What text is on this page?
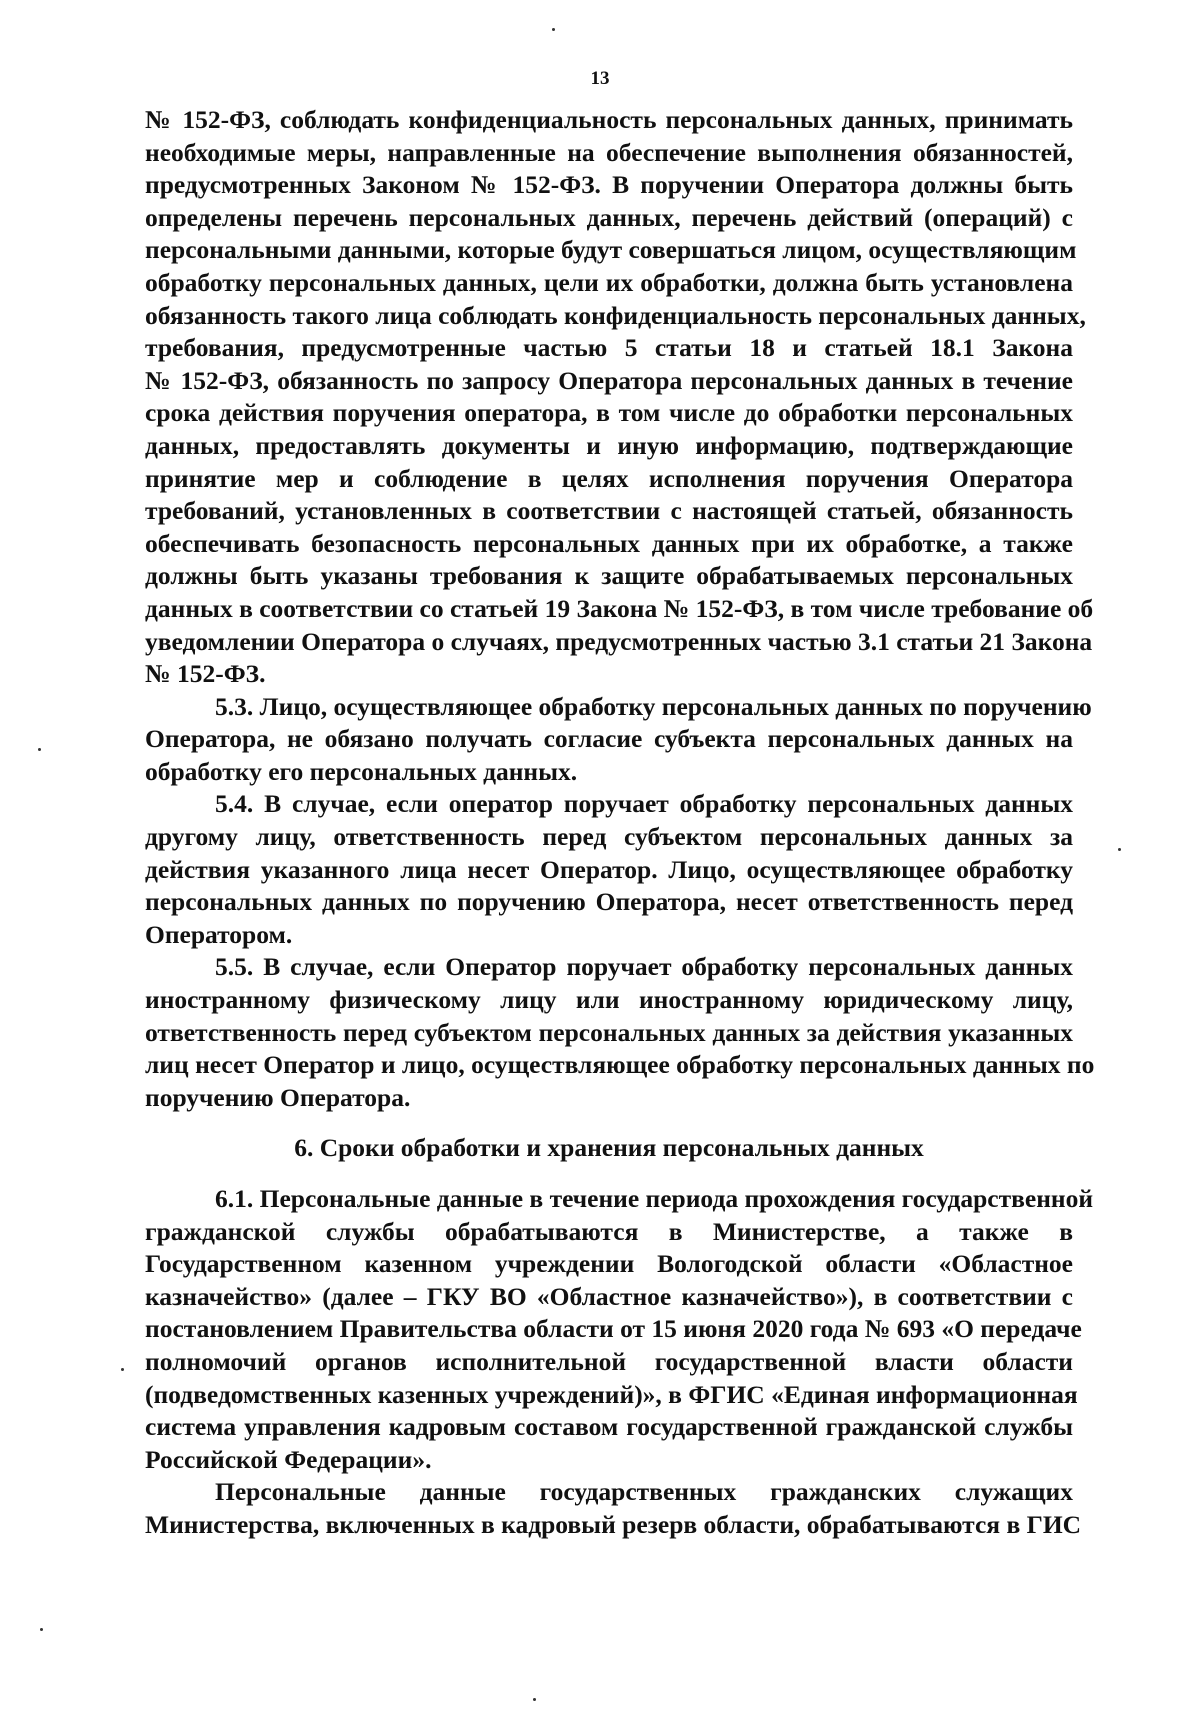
13
№ 152-ФЗ, соблюдать конфиденциальность персональных данных, принимать
необходимые меры, направленные на обеспечение выполнения обязанностей,
предусмотренных Законом № 152-ФЗ. В поручении Оператора должны быть
определены перечень персональных данных, перечень действий (операций) с
персональными данными, которые будут совершаться лицом, осуществляющим
обработку персональных данных, цели их обработки, должна быть установлена
обязанность такого лица соблюдать конфиденциальность персональных данных,
требования, предусмотренные частью 5 статьи 18 и статьей 18.1 Закона
№ 152-ФЗ, обязанность по запросу Оператора персональных данных в течение
срока действия поручения оператора, в том числе до обработки персональных
данных, предоставлять документы и иную информацию, подтверждающие
принятие мер и соблюдение в целях исполнения поручения Оператора
требований, установленных в соответствии с настоящей статьей, обязанность
обеспечивать безопасность персональных данных при их обработке, а также
должны быть указаны требования к защите обрабатываемых персональных
данных в соответствии со статьей 19 Закона № 152-ФЗ, в том числе требование об
уведомлении Оператора о случаях, предусмотренных частью 3.1 статьи 21 Закона
№ 152-ФЗ.
5.3. Лицо, осуществляющее обработку персональных данных по поручению
Оператора, не обязано получать согласие субъекта персональных данных на
обработку его персональных данных.
5.4. В случае, если оператор поручает обработку персональных данных
другому лицу, ответственность перед субъектом персональных данных за
действия указанного лица несет Оператор. Лицо, осуществляющее обработку
персональных данных по поручению Оператора, несет ответственность перед
Оператором.
5.5. В случае, если Оператор поручает обработку персональных данных
иностранному физическому лицу или иностранному юридическому лицу,
ответственность перед субъектом персональных данных за действия указанных
лиц несет Оператор и лицо, осуществляющее обработку персональных данных по
поручению Оператора.
6. Сроки обработки и хранения персональных данных
6.1. Персональные данные в течение периода прохождения государственной
гражданской службы обрабатываются в Министерстве, а также в
Государственном казенном учреждении Вологодской области «Областное
казначейство» (далее – ГКУ ВО «Областное казначейство»), в соответствии с
постановлением Правительства области от 15 июня 2020 года № 693 «О передаче
полномочий органов исполнительной государственной власти области
(подведомственных казенных учреждений)», в ФГИС «Единая информационная
система управления кадровым составом государственной гражданской службы
Российской Федерации».
Персональные данные государственных гражданских служащих
Министерства, включенных в кадровый резерв области, обрабатываются в ГИС
